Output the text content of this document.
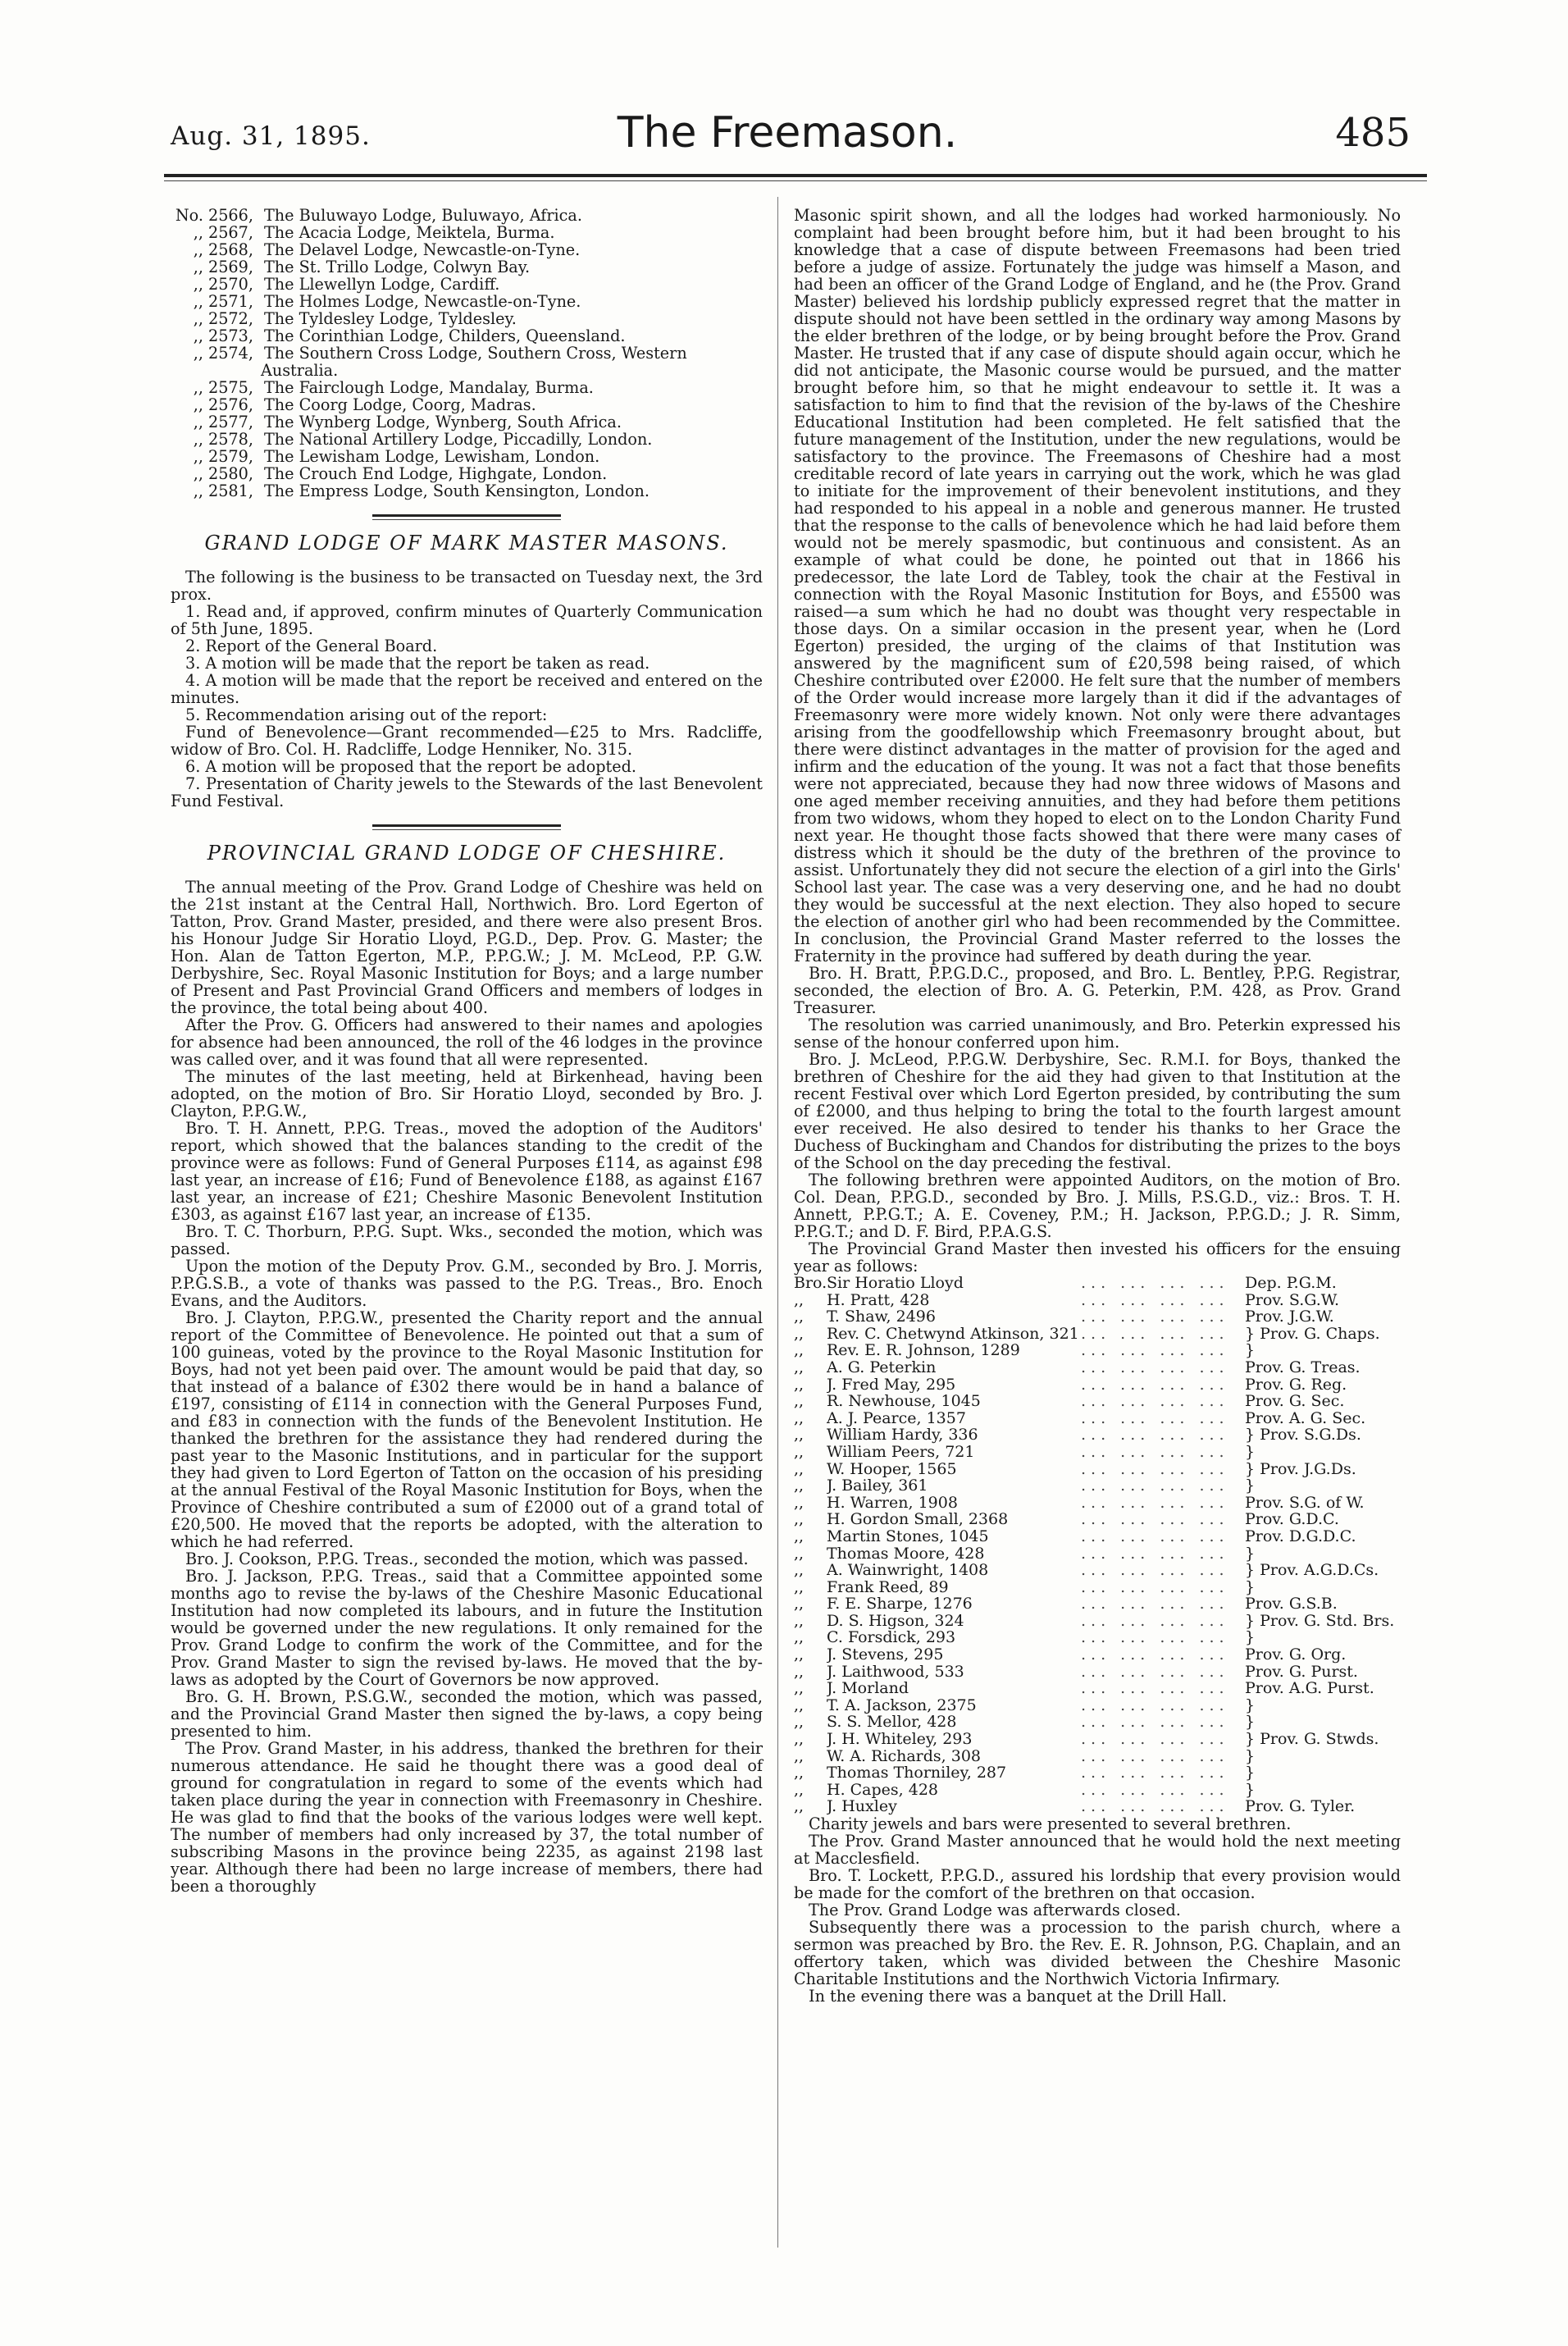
Aug. 31, 1895.	The Freemason.	485
No. 2566, The Buluwayo Lodge, Buluwayo, Africa.
,, 2567, The Acacia Lodge, Meiktela, Burma.
,, 2568, The Delavel Lodge, Newcastle-on-Tyne.
,, 2569, The St. Trillo Lodge, Colwyn Bay.
,, 2570, The Llewellyn Lodge, Cardiff.
,, 2571, The Holmes Lodge, Newcastle-on-Tyne.
,, 2572, The Tyldesley Lodge, Tyldesley.
,, 2573, The Corinthian Lodge, Childers, Queensland.
,, 2574, The Southern Cross Lodge, Southern Cross, Western
Australia.
,, 2575, The Fairclough Lodge, Mandalay, Burma.
,, 2576, The Coorg Lodge, Coorg, Madras.
,, 2577, The Wynberg Lodge, Wynberg, South Africa.
,, 2578, The National Artillery Lodge, Piccadilly, London.
,, 2579, The Lewisham Lodge, Lewisham, London.
,, 2580, The Crouch End Lodge, Highgate, London.
,, 2581, The Empress Lodge, South Kensington, London.
GRAND LODGE OF MARK MASTER MASONS.

The following is the business to be transacted on Tuesday next, the 3rd prox.

1. Read and, if approved, confirm minutes of Quarterly Communication of 5th June, 1895.

2. Report of the General Board.

3. A motion will be made that the report be taken as read.

4. A motion will be made that the report be received and entered on the minutes.

5. Recommendation arising out of the report:

Fund of Benevolence—Grant recommended—£25 to Mrs. Radcliffe, widow of Bro. Col. H. Radcliffe, Lodge Henniker, No. 315.

6. A motion will be proposed that the report be adopted.

7. Presentation of Charity jewels to the Stewards of the last Benevolent Fund Festival.

PROVINCIAL GRAND LODGE OF CHESHIRE.

The annual meeting of the Prov. Grand Lodge of Cheshire was held on the 21st instant at the Central Hall, Northwich. Bro. Lord Egerton of Tatton, Prov. Grand Master, presided, and there were also present Bros. his Honour Judge Sir Horatio Lloyd, P.G.D., Dep. Prov. G. Master; the Hon. Alan de Tatton Egerton, M.P., P.P.G.W.; J. M. McLeod, P.P. G.W. Derbyshire, Sec. Royal Masonic Institution for Boys; and a large number of Present and Past Provincial Grand Officers and members of lodges in the province, the total being about 400.

After the Prov. G. Officers had answered to their names and apologies for absence had been announced, the roll of the 46 lodges in the province was called over, and it was found that all were represented.

The minutes of the last meeting, held at Birkenhead, having been adopted, on the motion of Bro. Sir Horatio Lloyd, seconded by Bro. J. Clayton, P.P.G.W.,

Bro. T. H. Annett, P.P.G. Treas., moved the adoption of the Auditors' report, which showed that the balances standing to the credit of the province were as follows: Fund of General Purposes £114, as against £98 last year, an increase of £16; Fund of Benevolence £188, as against £167 last year, an increase of £21; Cheshire Masonic Benevolent Institution £303, as against £167 last year, an increase of £135.

Bro. T. C. Thorburn, P.P.G. Supt. Wks., seconded the motion, which was passed.

Upon the motion of the Deputy Prov. G.M., seconded by Bro. J. Morris, P.P.G.S.B., a vote of thanks was passed to the P.G. Treas., Bro. Enoch Evans, and the Auditors.

Bro. J. Clayton, P.P.G.W., presented the Charity report and the annual report of the Committee of Benevolence. He pointed out that a sum of 100 guineas, voted by the province to the Royal Masonic Institution for Boys, had not yet been paid over. The amount would be paid that day, so that instead of a balance of £302 there would be in hand a balance of £197, consisting of £114 in connection with the General Purposes Fund, and £83 in connection with the funds of the Benevolent Institution. He thanked the brethren for the assistance they had rendered during the past year to the Masonic Institutions, and in particular for the support they had given to Lord Egerton of Tatton on the occasion of his presiding at the annual Festival of the Royal Masonic Institution for Boys, when the Province of Cheshire contributed a sum of £2000 out of a grand total of £20,500. He moved that the reports be adopted, with the alteration to which he had referred.

Bro. J. Cookson, P.P.G. Treas., seconded the motion, which was passed.

Bro. J. Jackson, P.P.G. Treas., said that a Committee appointed some months ago to revise the by-laws of the Cheshire Masonic Educational Institution had now completed its labours, and in future the Institution would be governed under the new regulations. It only remained for the Prov. Grand Lodge to confirm the work of the Committee, and for the Prov. Grand Master to sign the revised by-laws. He moved that the by-laws as adopted by the Court of Governors be now approved.

Bro. G. H. Brown, P.S.G.W., seconded the motion, which was passed, and the Provincial Grand Master then signed the by-laws, a copy being presented to him.

The Prov. Grand Master, in his address, thanked the brethren for their numerous attendance. He said he thought there was a good deal of ground for congratulation in regard to some of the events which had taken place during the year in connection with Freemasonry in Cheshire. He was glad to find that the books of the various lodges were well kept. The number of members had only increased by 37, the total number of subscribing Masons in the province being 2235, as against 2198 last year. Although there had been no large increase of members, there had been a thoroughly

Masonic spirit shown, and all the lodges had worked harmoniously. No complaint had been brought before him, but it had been brought to his knowledge that a case of dispute between Freemasons had been tried before a judge of assize. Fortunately the judge was himself a Mason, and had been an officer of the Grand Lodge of England, and he (the Prov. Grand Master) believed his lordship publicly expressed regret that the matter in dispute should not have been settled in the ordinary way among Masons by the elder brethren of the lodge, or by being brought before the Prov. Grand Master. He trusted that if any case of dispute should again occur, which he did not anticipate, the Masonic course would be pursued, and the matter brought before him, so that he might endeavour to settle it. It was a satisfaction to him to find that the revision of the by-laws of the Cheshire Educational Institution had been completed. He felt satisfied that the future management of the Institution, under the new regulations, would be satisfactory to the province. The Freemasons of Cheshire had a most creditable record of late years in carrying out the work, which he was glad to initiate for the improvement of their benevolent institutions, and they had responded to his appeal in a noble and generous manner. He trusted that the response to the calls of benevolence which he had laid before them would not be merely spasmodic, but continuous and consistent. As an example of what could be done, he pointed out that in 1866 his predecessor, the late Lord de Tabley, took the chair at the Festival in connection with the Royal Masonic Institution for Boys, and £5500 was raised—a sum which he had no doubt was thought very respectable in those days. On a similar occasion in the present year, when he (Lord Egerton) presided, the urging of the claims of that Institution was answered by the magnificent sum of £20,598 being raised, of which Cheshire contributed over £2000. He felt sure that the number of members of the Order would increase more largely than it did if the advantages of Freemasonry were more widely known. Not only were there advantages arising from the goodfellowship which Freemasonry brought about, but there were distinct advantages in the matter of provision for the aged and infirm and the education of the young. It was not a fact that those benefits were not appreciated, because they had now three widows of Masons and one aged member receiving annuities, and they had before them petitions from two widows, whom they hoped to elect on to the London Charity Fund next year. He thought those facts showed that there were many cases of distress which it should be the duty of the brethren of the province to assist. Unfortunately they did not secure the election of a girl into the Girls' School last year. The case was a very deserving one, and he had no doubt they would be successful at the next election. They also hoped to secure the election of another girl who had been recommended by the Committee. In conclusion, the Provincial Grand Master referred to the losses the Fraternity in the province had suffered by death during the year.

Bro. H. Bratt, P.P.G.D.C., proposed, and Bro. L. Bentley, P.P.G. Registrar, seconded, the election of Bro. A. G. Peterkin, P.M. 428, as Prov. Grand Treasurer.

The resolution was carried unanimously, and Bro. Peterkin expressed his sense of the honour conferred upon him.

Bro. J. McLeod, P.P.G.W. Derbyshire, Sec. R.M.I. for Boys, thanked the brethren of Cheshire for the aid they had given to that Institution at the recent Festival over which Lord Egerton presided, by contributing the sum of £2000, and thus helping to bring the total to the fourth largest amount ever received. He also desired to tender his thanks to her Grace the Duchess of Buckingham and Chandos for distributing the prizes to the boys of the School on the day preceding the festival.

The following brethren were appointed Auditors, on the motion of Bro. Col. Dean, P.P.G.D., seconded by Bro. J. Mills, P.S.G.D., viz.: Bros. T. H. Annett, P.P.G.T.; A. E. Coveney, P.M.; H. Jackson, P.P.G.D.; J. R. Simm, P.P.G.T.; and D. F. Bird, P.P.A.G.S.

The Provincial Grand Master then invested his officers for the ensuing year as follows:

Bro. Sir Horatio Lloyd	... ... ... ...	Dep. P.G.M.
,,	H. Pratt, 428	... ... ... ...	Prov. S.G.W.
,,	T. Shaw, 2496	... ... ... ...	Prov. J.G.W.
,,	Rev. C. Chetwynd Atkinson, 321 ... ... ... ...	} Prov. G. Chaps.
,,	Rev. E. R. Johnson, 1289	... ... ... ...	}
,,	A. G. Peterkin	... ... ... ...	Prov. G. Treas.
,,	J. Fred May, 295	... ... ... ...	Prov. G. Reg.
,,	R. Newhouse, 1045	... ... ... ...	Prov. G. Sec.
,,	A. J. Pearce, 1357	... ... ... ...	Prov. A. G. Sec.
,,	William Hardy, 336	... ... ... ...	} Prov. S.G.Ds.
,,	William Peers, 721	... ... ... ...	}
,,	W. Hooper, 1565	... ... ... ...	} Prov. J.G.Ds.
,,	J. Bailey, 361	... ... ... ...	}
,,	H. Warren, 1908	... ... ... ...	Prov. S.G. of W.
,,	H. Gordon Small, 2368	... ... ... ...	Prov. G.D.C.
,,	Martin Stones, 1045	... ... ... ...	Prov. D.G.D.C.
,,	Thomas Moore, 428	... ... ... ...	}
,,	A. Wainwright, 1408	... ... ... ...	} Prov. A.G.D.Cs.
,,	Frank Reed, 89	... ... ... ...	}
,,	F. E. Sharpe, 1276	... ... ... ...	Prov. G.S.B.
,,	D. S. Higson, 324	... ... ... ...	} Prov. G. Std. Brs.
,,	C. Forsdick, 293	... ... ... ...	}
,,	J. Stevens, 295	... ... ... ...	Prov. G. Org.
,,	J. Laithwood, 533	... ... ... ...	Prov. G. Purst.
,,	J. Morland	... ... ... ...	Prov. A.G. Purst.
,,	T. A. Jackson, 2375	... ... ... ...	}
,,	S. S. Mellor, 428	... ... ... ...	}
,,	J. H. Whiteley, 293	... ... ... ...	} Prov. G. Stwds.
,,	W. A. Richards, 308	... ... ... ...	}
,,	Thomas Thorniley, 287	... ... ... ...	}
,,	H. Capes, 428	... ... ... ...	}
,,	J. Huxley	... ... ... ...	Prov. G. Tyler.

Charity jewels and bars were presented to several brethren.

The Prov. Grand Master announced that he would hold the next meeting at Macclesfield.

Bro. T. Lockett, P.P.G.D., assured his lordship that every provision would be made for the comfort of the brethren on that occasion.

The Prov. Grand Lodge was afterwards closed.

Subsequently there was a procession to the parish church, where a sermon was preached by Bro. the Rev. E. R. Johnson, P.G. Chaplain, and an offertory taken, which was divided between the Cheshire Masonic Charitable Institutions and the Northwich Victoria Infirmary.

In the evening there was a banquet at the Drill Hall.
